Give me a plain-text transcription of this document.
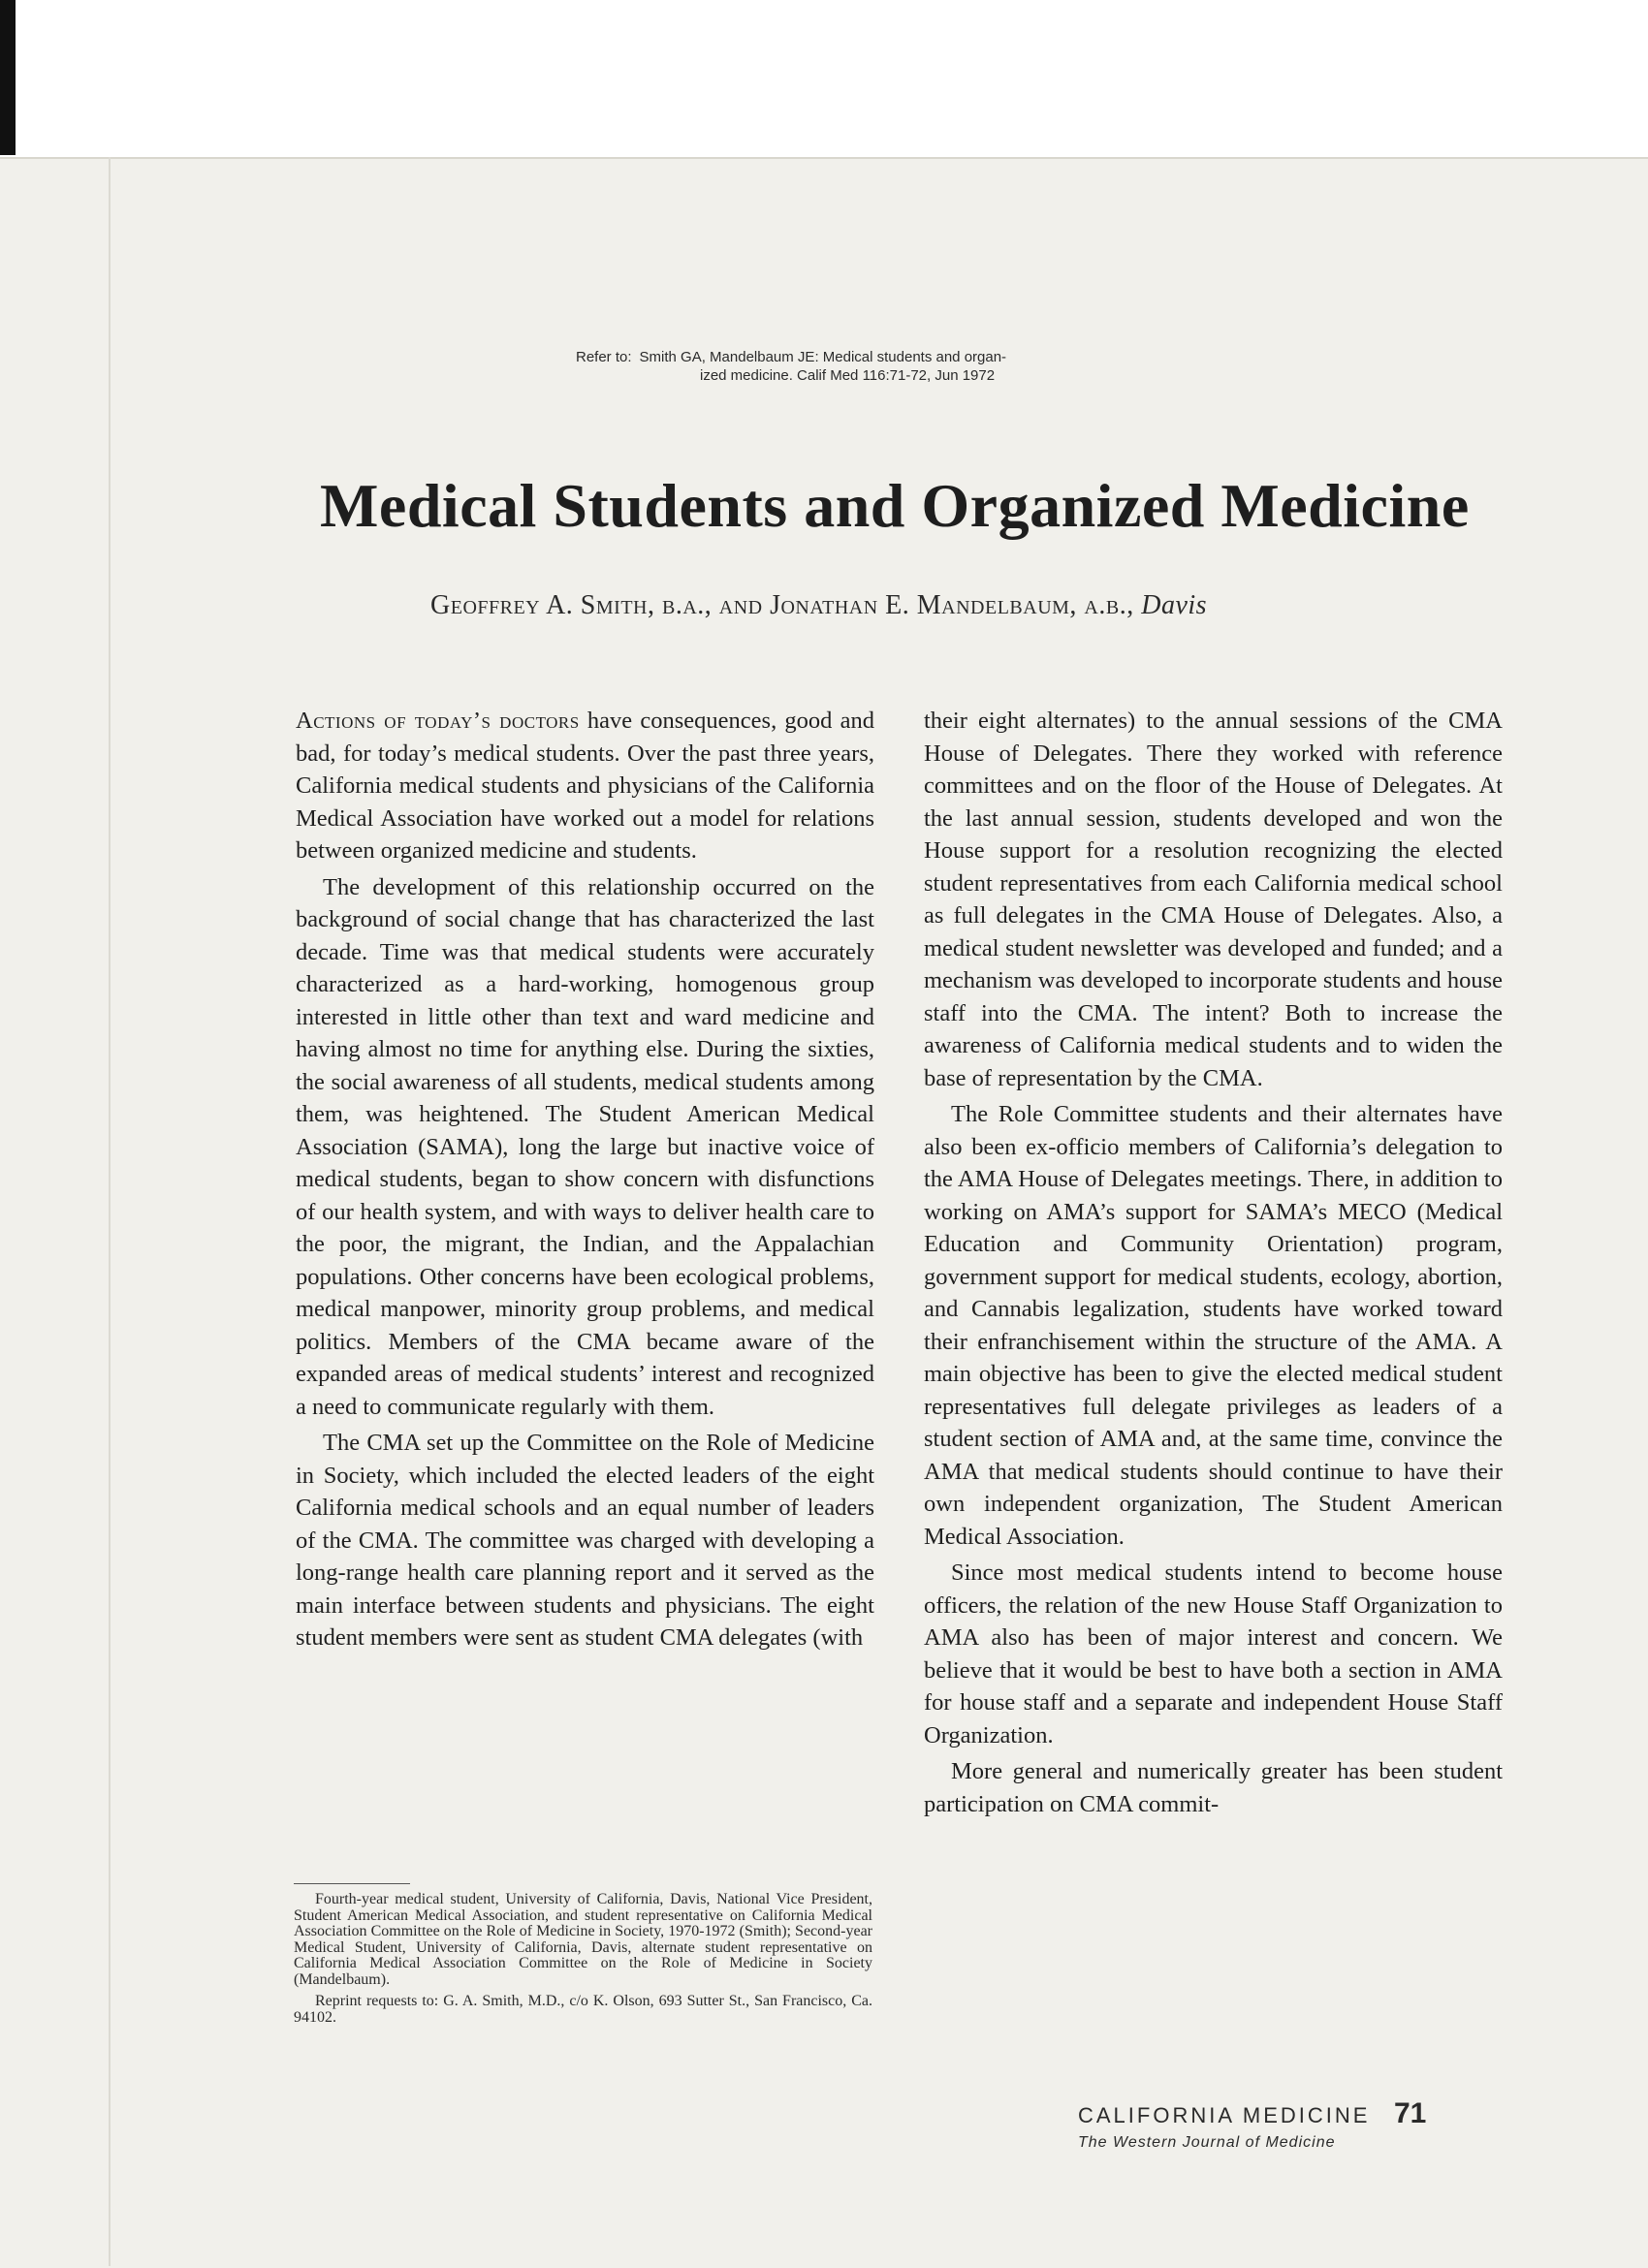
Refer to: Smith GA, Mandelbaum JE: Medical students and organ-
ized medicine. Calif Med 116:71-72, Jun 1972
Medical Students and Organized Medicine
Geoffrey A. Smith, b.a., and Jonathan E. Mandelbaum, a.b., Davis

Actions of today’s doctors have consequences, good and bad, for today’s medical students. Over the past three years, California medical students and physicians of the California Medical Association have worked out a model for relations between organized medicine and students.

The development of this relationship occurred on the background of social change that has characterized the last decade. Time was that medical students were accurately characterized as a hard-working, homogenous group interested in little other than text and ward medicine and having almost no time for anything else. During the sixties, the social awareness of all students, medical students among them, was heightened. The Student American Medical Association (SAMA), long the large but inactive voice of medical students, began to show concern with disfunctions of our health system, and with ways to deliver health care to the poor, the migrant, the Indian, and the Appalachian populations. Other concerns have been ecological problems, medical manpower, minority group problems, and medical politics. Members of the CMA became aware of the expanded areas of medical students’ interest and recognized a need to communicate regularly with them.

The CMA set up the Committee on the Role of Medicine in Society, which included the elected leaders of the eight California medical schools and an equal number of leaders of the CMA. The committee was charged with developing a long-range health care planning report and it served as the main interface between students and physicians. The eight student members were sent as student CMA delegates (with

Fourth-year medical student, University of California, Davis, National Vice President, Student American Medical Association, and student representative on California Medical Association Committee on the Role of Medicine in Society, 1970-1972 (Smith); Second-year Medical Student, University of California, Davis, alternate student representative on California Medical Association Committee on the Role of Medicine in Society (Mandelbaum).

Reprint requests to: G. A. Smith, M.D., c/o K. Olson, 693 Sutter St., San Francisco, Ca. 94102.

their eight alternates) to the annual sessions of the CMA House of Delegates. There they worked with reference committees and on the floor of the House of Delegates. At the last annual session, students developed and won the House support for a resolution recognizing the elected student representatives from each California medical school as full delegates in the CMA House of Delegates. Also, a medical student newsletter was developed and funded; and a mechanism was developed to incorporate students and house staff into the CMA. The intent? Both to increase the awareness of California medical students and to widen the base of representation by the CMA.

The Role Committee students and their alternates have also been ex-officio members of California’s delegation to the AMA House of Delegates meetings. There, in addition to working on AMA’s support for SAMA’s MECO (Medical Education and Community Orientation) program, government support for medical students, ecology, abortion, and Cannabis legalization, students have worked toward their enfranchisement within the structure of the AMA. A main objective has been to give the elected medical student representatives full delegate privileges as leaders of a student section of AMA and, at the same time, convince the AMA that medical students should continue to have their own independent organization, The Student American Medical Association.

Since most medical students intend to become house officers, the relation of the new House Staff Organization to AMA also has been of major interest and concern. We believe that it would be best to have both a section in AMA for house staff and a separate and independent House Staff Organization.

More general and numerically greater has been student participation on CMA commit-

CALIFORNIA MEDICINE 71
The Western Journal of Medicine
